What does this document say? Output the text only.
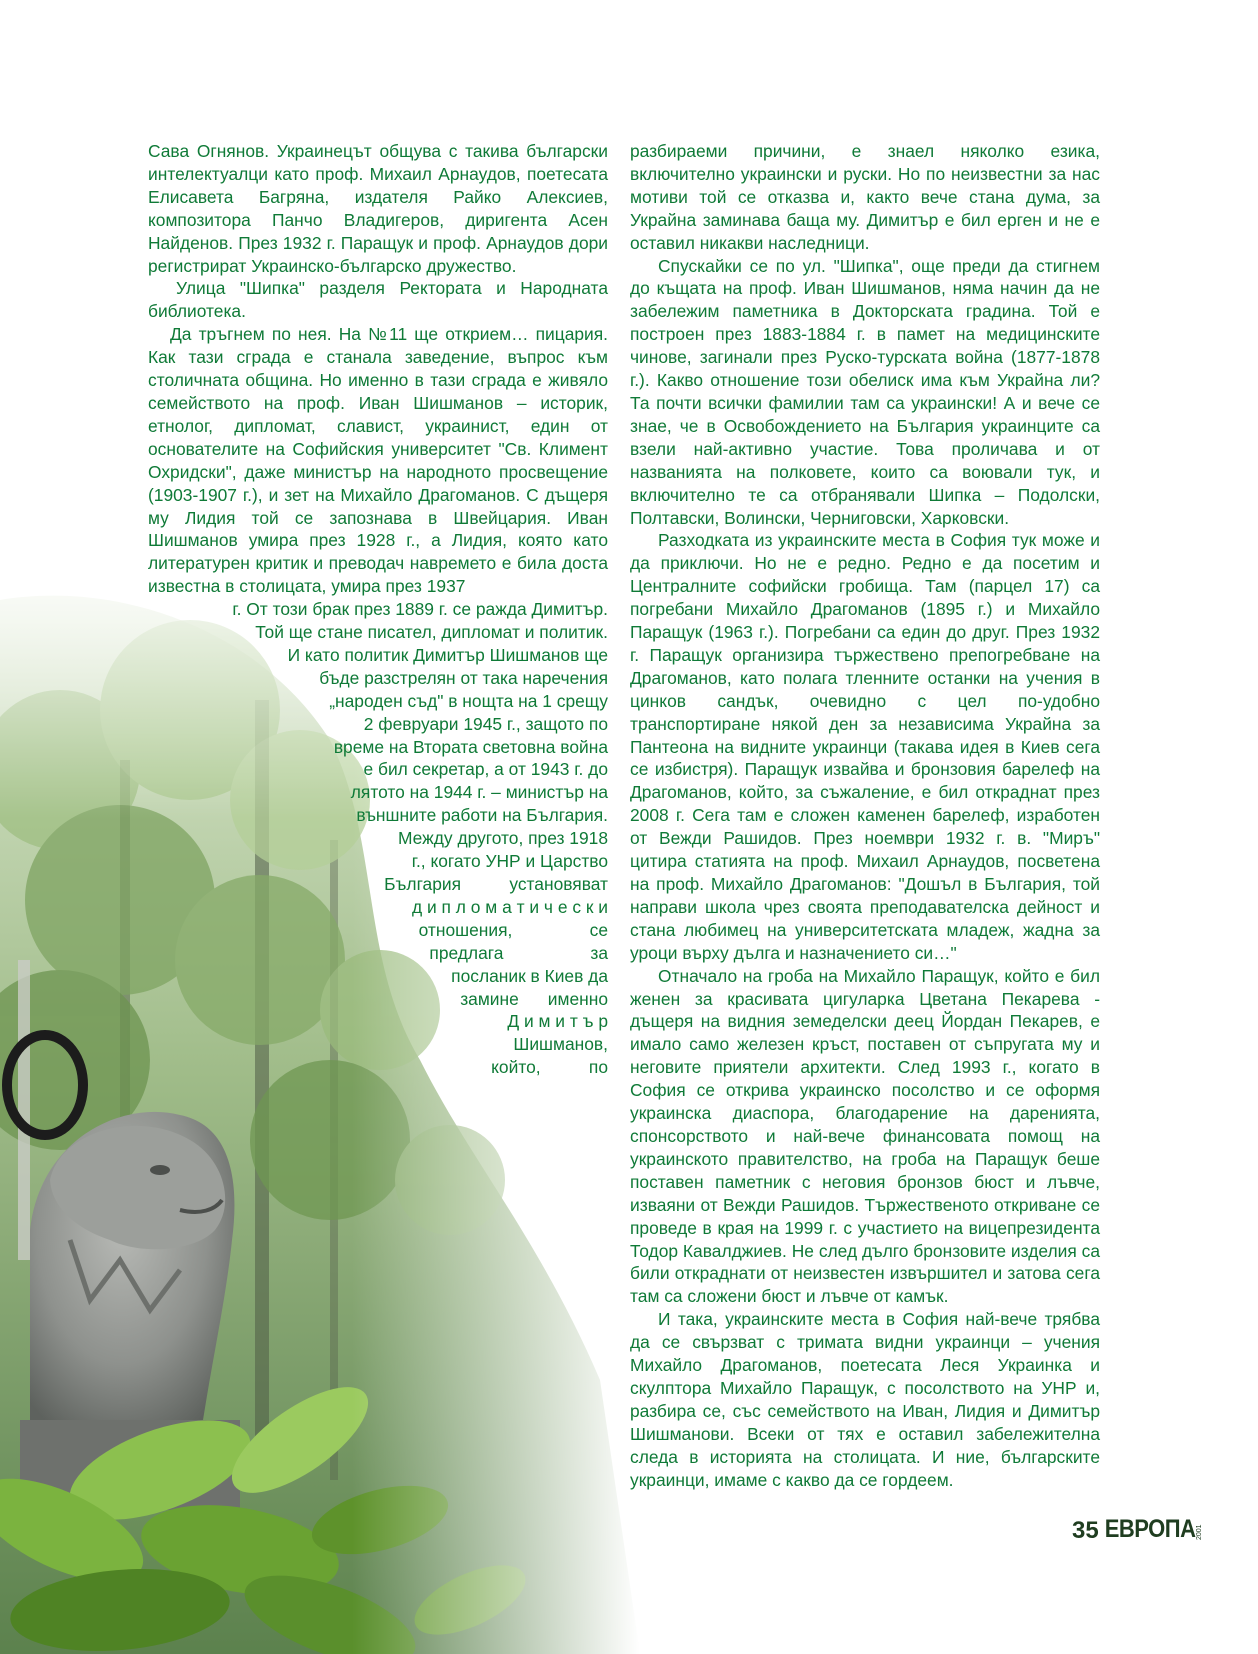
Сава Огнянов. Украинецът общува с такива български интелектуалци като проф. Михаил Арнаудов, поетесата Елисавета Багряна, издателя Райко Алексиев, композитора Панчо Владигеров, диригента Асен Найденов. През 1932 г. Паращук и проф. Арнаудов дори регистрират Украинско-българско дружество.

Улица "Шипка" разделя Ректората и Народната библиотека.

Да тръгнем по нея. На №11 ще открием… пицария. Как тази сграда е станала заведение, въпрос към столичната община. Но именно в тази сграда е живяло семейството на проф. Иван Шишманов – историк, етнолог, дипломат, славист, украинист, един от основателите на Софийския университет "Св. Климент Охридски", даже министър на народното просвещение (1903-1907 г.), и зет на Михайло Драгоманов. С дъщеря му Лидия той се запознава в Швейцария. Иван Шишманов умира през 1928 г., а Лидия, която като литературен критик и преводач навремето е била доста известна в столицата, умира през 1937

г. От този брак през 1889 г. се ражда Димитър.
Той ще стане писател, дипломат и политик.
И като политик Димитър Шишманов ще
бъде разстрелян от така наречения
„народен съд" в нощта на 1 срещу
2 февруари 1945 г., защото по
време на Втората световна война
е бил секретар, а от 1943 г. до
лятото на 1944 г. – министър на
външните работи на България.
Между другото, през 1918
г., когато УНР и Царство
България          установяват
д и п л о м а т и ч е с к и
отношения,                се
предлага                  за
посланик в Киев да
замине      именно
Д и м и т ъ р
Шишманов,
който,          по

разбираеми причини, е знаел няколко езика, включително украински и руски. Но по неизвестни за нас мотиви той се отказва и, както вече стана дума, за Украйна заминава баща му. Димитър е бил ерген и не е оставил никакви наследници.

Спускайки се по ул. "Шипка", още преди да стигнем до къщата на проф. Иван Шишманов, няма начин да не забележим паметника в Докторската градина. Той е построен през 1883-1884 г. в памет на медицинските чинове, загинали през Руско-турската война (1877-1878 г.). Какво отношение този обелиск има към Украйна ли? Та почти всички фамилии там са украински! А и вече се знае, че в Освобождението на България украинците са взели най-активно участие. Това проличава и от названията на полковете, които са воювали тук, и включително те са отбранявали Шипка – Подолски, Полтавски, Волински, Черниговски, Харковски.

Разходката из украинските места в София тук може и да приключи. Но не е редно. Редно е да посетим и Централните софийски гробища. Там (парцел 17) са погребани Михайло Драгоманов (1895 г.) и Михайло Паращук (1963 г.). Погребани са един до друг. През 1932 г. Паращук организира тържествено препогребване на Драгоманов, като полага тленните останки на учения в цинков сандък, очевидно с цел по-удобно транспортиране някой ден за независима Украйна за Пантеона на видните украинци (такава идея в Киев сега се избистря). Паращук извайва и бронзовия барелеф на Драгоманов, който, за съжаление, е бил откраднат през 2008 г. Сега там е сложен каменен барелеф, изработен от Вежди Рашидов. През ноември 1932 г. в. "Миръ" цитира статията на проф. Михаил Арнаудов, посветена на проф. Михайло Драгоманов: "Дошъл в България, той направи школа чрез своята преподавателска дейност и стана любимец на университетската младеж, жадна за уроци върху дълга и назначението си…"

Отначало на гроба на Михайло Паращук, който е бил женен за красивата цигуларка Цветана Пекарева - дъщеря на видния земеделски деец Йордан Пекарев, е имало само железен кръст, поставен от съпругата му и неговите приятели архитекти. След 1993 г., когато в София се открива украинско посолство и се оформя украинска диаспора, благодарение на даренията, спонсорството и най-вече финансовата помощ на украинското правителство, на гроба на Паращук беше поставен паметник с неговия бронзов бюст и лъвче, изваяни от Вежди Рашидов. Тържественото откриване се проведе в края на 1999 г. с участието на вицепрезидента Тодор Кавалджиев. Не след дълго бронзовите изделия са били откраднати от неизвестен извършител и затова сега там са сложени бюст и лъвче от камък.

И така, украинските места в София най-вече трябва да се свързват с тримата видни украинци – учения Михайло Драгоманов, поетесата Леся Украинка и скулптора Михайло Паращук, с посолството на УНР и, разбира се, със семейството на Иван, Лидия и Димитър Шишманови. Всеки от тях е оставил забележителна следа в историята на столицата. И ние, българските украинци, имаме с какво да се гордеем.

35 ЕВРОПА 2001
